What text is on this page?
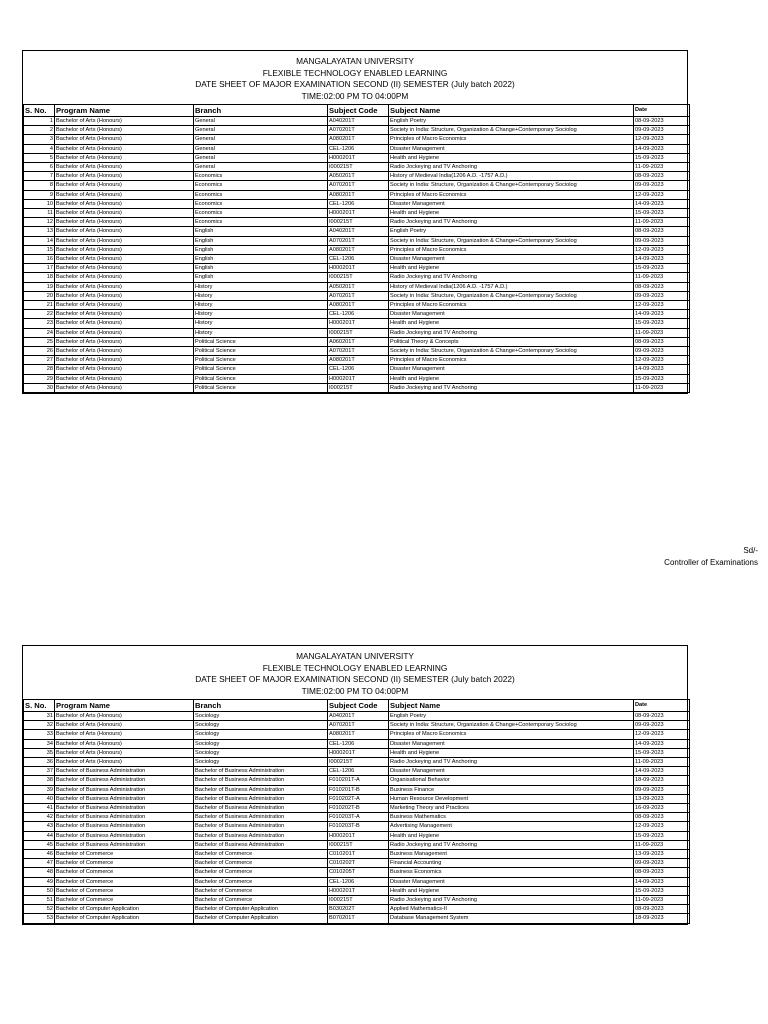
MANGALAYATAN UNIVERSITY
FLEXIBLE TECHNOLOGY ENABLED LEARNING
DATE SHEET OF MAJOR EXAMINATION SECOND (II) SEMESTER (July batch 2022)
TIME:02:00 PM TO 04:00PM
S. No.	Program Name	Branch	Subject Code	Subject Name	Date
1	Bachelor of Arts (Honours)	General	A040201T	English Poetry	08-09-2023
2	Bachelor of Arts (Honours)	General	A070201T	Society in India: Structure, Organization & Change+Contemporary Sociolog	09-09-2023
3	Bachelor of Arts (Honours)	General	A080201T	Principles of Macro Economics	12-09-2023
4	Bachelor of Arts (Honours)	General	CEL-1206	Disaster Management	14-09-2023
5	Bachelor of Arts (Honours)	General	H000201T	Health and Hygiene	15-09-2023
6	Bachelor of Arts (Honours)	General	I000215T	Radio Jockeying and TV Anchoring	11-09-2023
7	Bachelor of Arts (Honours)	Economics	A050201T	History of Medieval India(1206 A.D. -1757 A.D.)	08-09-2023
8	Bachelor of Arts (Honours)	Economics	A070201T	Society in India: Structure, Organization & Change+Contemporary Sociolog	09-09-2023
9	Bachelor of Arts (Honours)	Economics	A080201T	Principles of Macro Economics	12-09-2023
10	Bachelor of Arts (Honours)	Economics	CEL-1206	Disaster Management	14-09-2023
11	Bachelor of Arts (Honours)	Economics	H000201T	Health and Hygiene	15-09-2023
12	Bachelor of Arts (Honours)	Economics	I000215T	Radio Jockeying and TV Anchoring	11-09-2023
13	Bachelor of Arts (Honours)	English	A040201T	English Poetry	08-09-2023
14	Bachelor of Arts (Honours)	English	A070201T	Society in India: Structure, Organization & Change+Contemporary Sociolog	09-09-2023
15	Bachelor of Arts (Honours)	English	A080201T	Principles of Macro Economics	12-09-2023
16	Bachelor of Arts (Honours)	English	CEL-1206	Disaster Management	14-09-2023
17	Bachelor of Arts (Honours)	English	H000201T	Health and Hygiene	15-09-2023
18	Bachelor of Arts (Honours)	English	I000215T	Radio Jockeying and TV Anchoring	11-09-2023
19	Bachelor of Arts (Honours)	History	A050201T	History of Medieval India(1206 A.D. -1757 A.D.)	08-09-2023
20	Bachelor of Arts (Honours)	History	A070201T	Society in India: Structure, Organization & Change+Contemporary Sociolog	09-09-2023
21	Bachelor of Arts (Honours)	History	A080201T	Principles of Macro Economics	12-09-2023
22	Bachelor of Arts (Honours)	History	CEL-1206	Disaster Management	14-09-2023
23	Bachelor of Arts (Honours)	History	H000201T	Health and Hygiene	15-09-2023
24	Bachelor of Arts (Honours)	History	I000215T	Radio Jockeying and TV Anchoring	11-09-2023
25	Bachelor of Arts (Honours)	Political Science	A060201T	Political Theory & Concepts	08-09-2023
26	Bachelor of Arts (Honours)	Political Science	A070201T	Society in India: Structure, Organization & Change+Contemporary Sociolog	09-09-2023
27	Bachelor of Arts (Honours)	Political Science	A080201T	Principles of Macro Economics	12-09-2023
28	Bachelor of Arts (Honours)	Political Science	CEL-1206	Disaster Management	14-09-2023
29	Bachelor of Arts (Honours)	Political Science	H000201T	Health and Hygiene	15-09-2023
30	Bachelor of Arts (Honours)	Political Science	I000215T	Radio Jockeying and TV Anchoring	11-09-2023
Sd/-
Controller of Examinations
MANGALAYATAN UNIVERSITY
FLEXIBLE TECHNOLOGY ENABLED LEARNING
DATE SHEET OF MAJOR EXAMINATION SECOND (II) SEMESTER (July batch 2022)
TIME:02:00 PM TO 04:00PM
S. No.	Program Name	Branch	Subject Code	Subject Name	Date
31	Bachelor of Arts (Honours)	Sociology	A040201T	English Poetry	08-09-2023
32	Bachelor of Arts (Honours)	Sociology	A070201T	Society in India: Structure, Organization & Change+Contemporary Sociolog	09-09-2023
33	Bachelor of Arts (Honours)	Sociology	A080201T	Principles of Macro Economics	12-09-2023
34	Bachelor of Arts (Honours)	Sociology	CEL-1206	Disaster Management	14-09-2023
35	Bachelor of Arts (Honours)	Sociology	H000201T	Health and Hygiene	15-09-2023
36	Bachelor of Arts (Honours)	Sociology	I000215T	Radio Jockeying and TV Anchoring	11-09-2023
37	Bachelor of Business Administration	Bachelor of Business Administration	CEL-1206	Disaster Management	14-09-2023
38	Bachelor of Business Administration	Bachelor of Business Administration	F010201T-A	Organisational Behavior	18-09-2023
39	Bachelor of Business Administration	Bachelor of Business Administration	F010201T-B	Business Finance	09-09-2023
40	Bachelor of Business Administration	Bachelor of Business Administration	F010202T-A	Human Resource Development	13-09-2023
41	Bachelor of Business Administration	Bachelor of Business Administration	F010202T-B	Marketing Theory and Practices	16-09-2023
42	Bachelor of Business Administration	Bachelor of Business Administration	F010203T-A	Business Mathematics	08-09-2023
43	Bachelor of Business Administration	Bachelor of Business Administration	F010203T-B	Advertising Management	12-09-2023
44	Bachelor of Business Administration	Bachelor of Business Administration	H000201T	Health and Hygiene	15-09-2023
45	Bachelor of Business Administration	Bachelor of Business Administration	I000215T	Radio Jockeying and TV Anchoring	11-09-2023
46	Bachelor of Commerce	Bachelor of Commerce	C010201T	Business Management	13-09-2023
47	Bachelor of Commerce	Bachelor of Commerce	C010202T	Financial Accounting	09-09-2023
48	Bachelor of Commerce	Bachelor of Commerce	C010205T	Business Economics	08-09-2023
49	Bachelor of Commerce	Bachelor of Commerce	CEL-1206	Disaster Management	14-09-2023
50	Bachelor of Commerce	Bachelor of Commerce	H000201T	Health and Hygiene	15-09-2023
51	Bachelor of Commerce	Bachelor of Commerce	I000215T	Radio Jockeying and TV Anchoring	11-09-2023
52	Bachelor of Computer Application	Bachelor of Computer Application	B030202T	Applied Mathematics-II	08-09-2023
53	Bachelor of Computer Application	Bachelor of Computer Application	B070201T	Database Management System	18-09-2023
